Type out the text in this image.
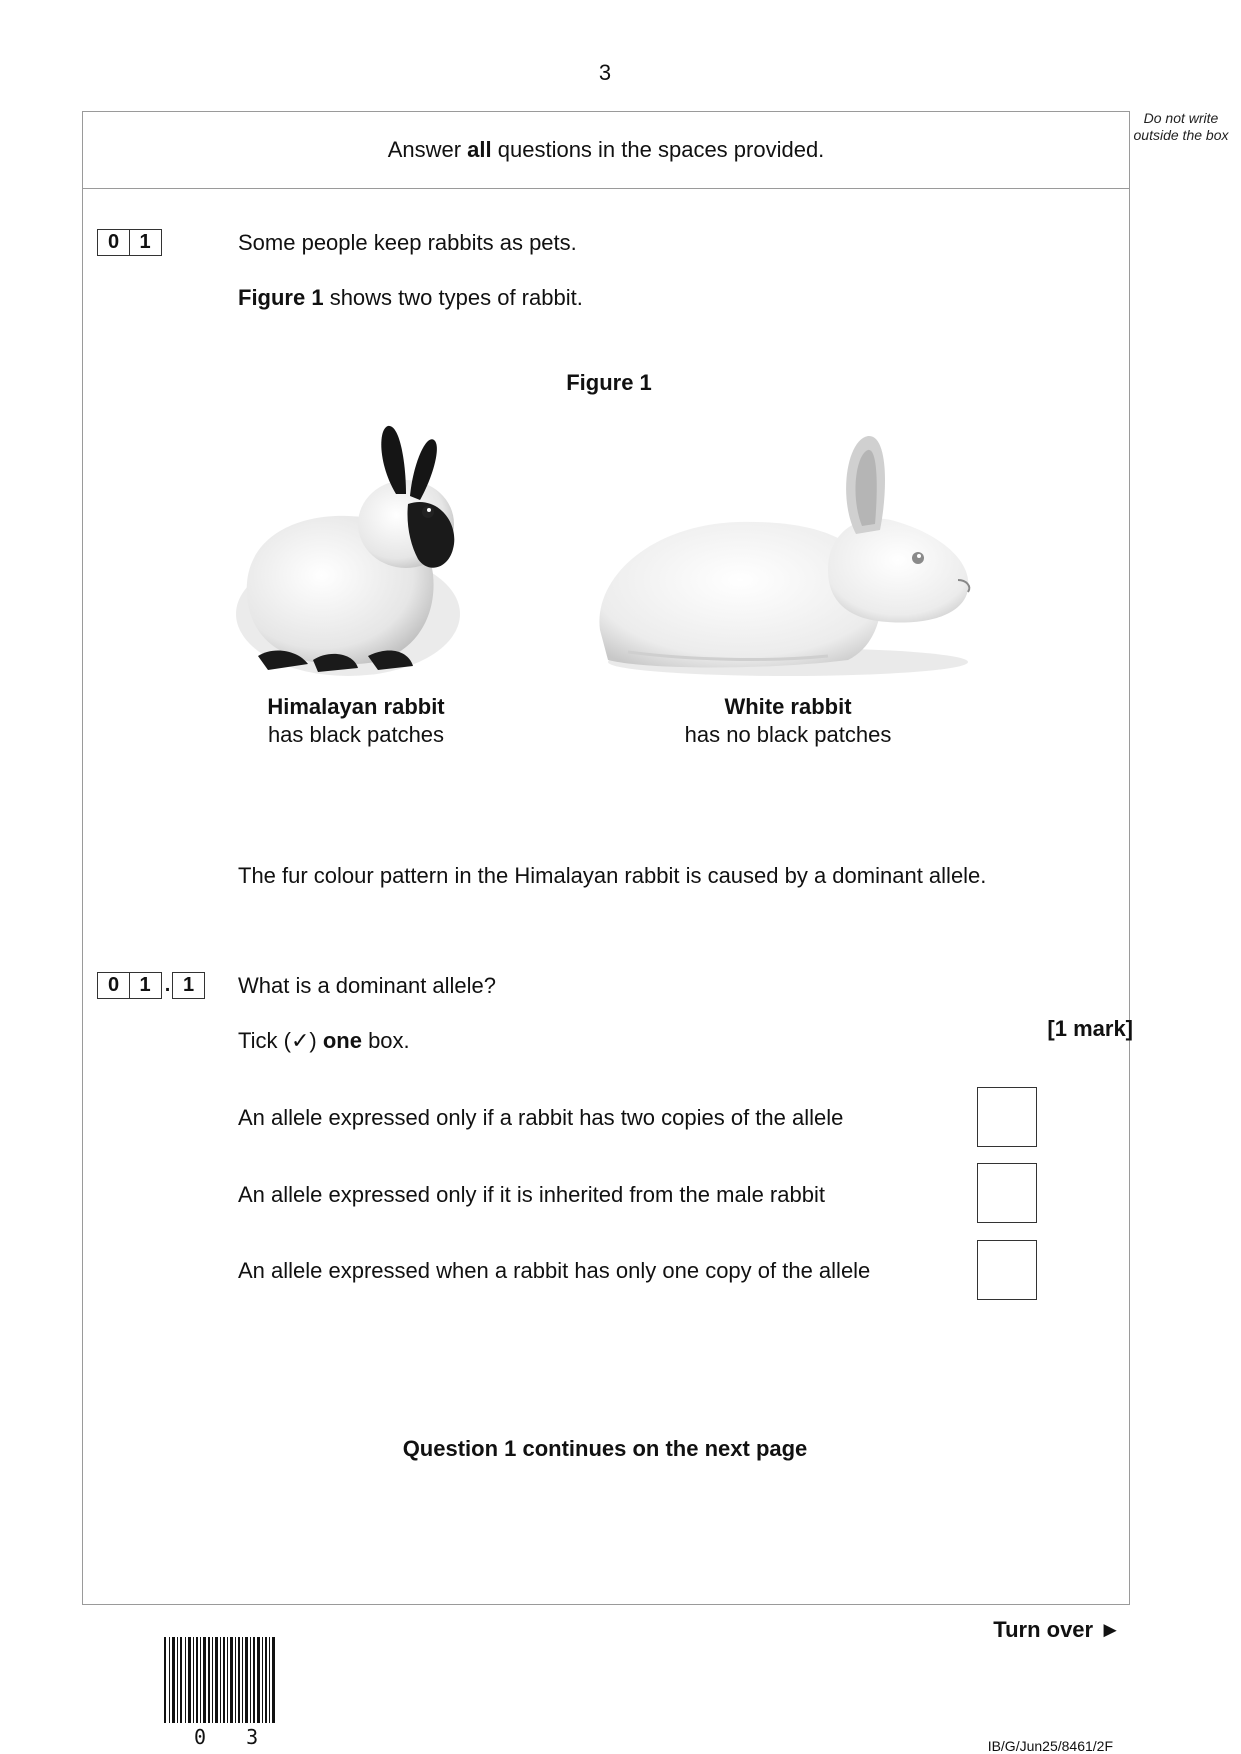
3
Do not write outside the box
Answer all questions in the spaces provided.
0	1	Some people keep rabbits as pets.
Figure 1 shows two types of rabbit.
Figure 1
Himalayan rabbit
has black patches
White rabbit
has no black patches
The fur colour pattern in the Himalayan rabbit is caused by a dominant allele.
0	1 . 1	What is a dominant allele?
[1 mark]
Tick (✓) one box.
An allele expressed only if a rabbit has two copies of the allele
An allele expressed only if it is inherited from the male rabbit
An allele expressed when a rabbit has only one copy of the allele
Question 1 continues on the next page
Turn over ►
0 3	IB/G/Jun25/8461/2F
